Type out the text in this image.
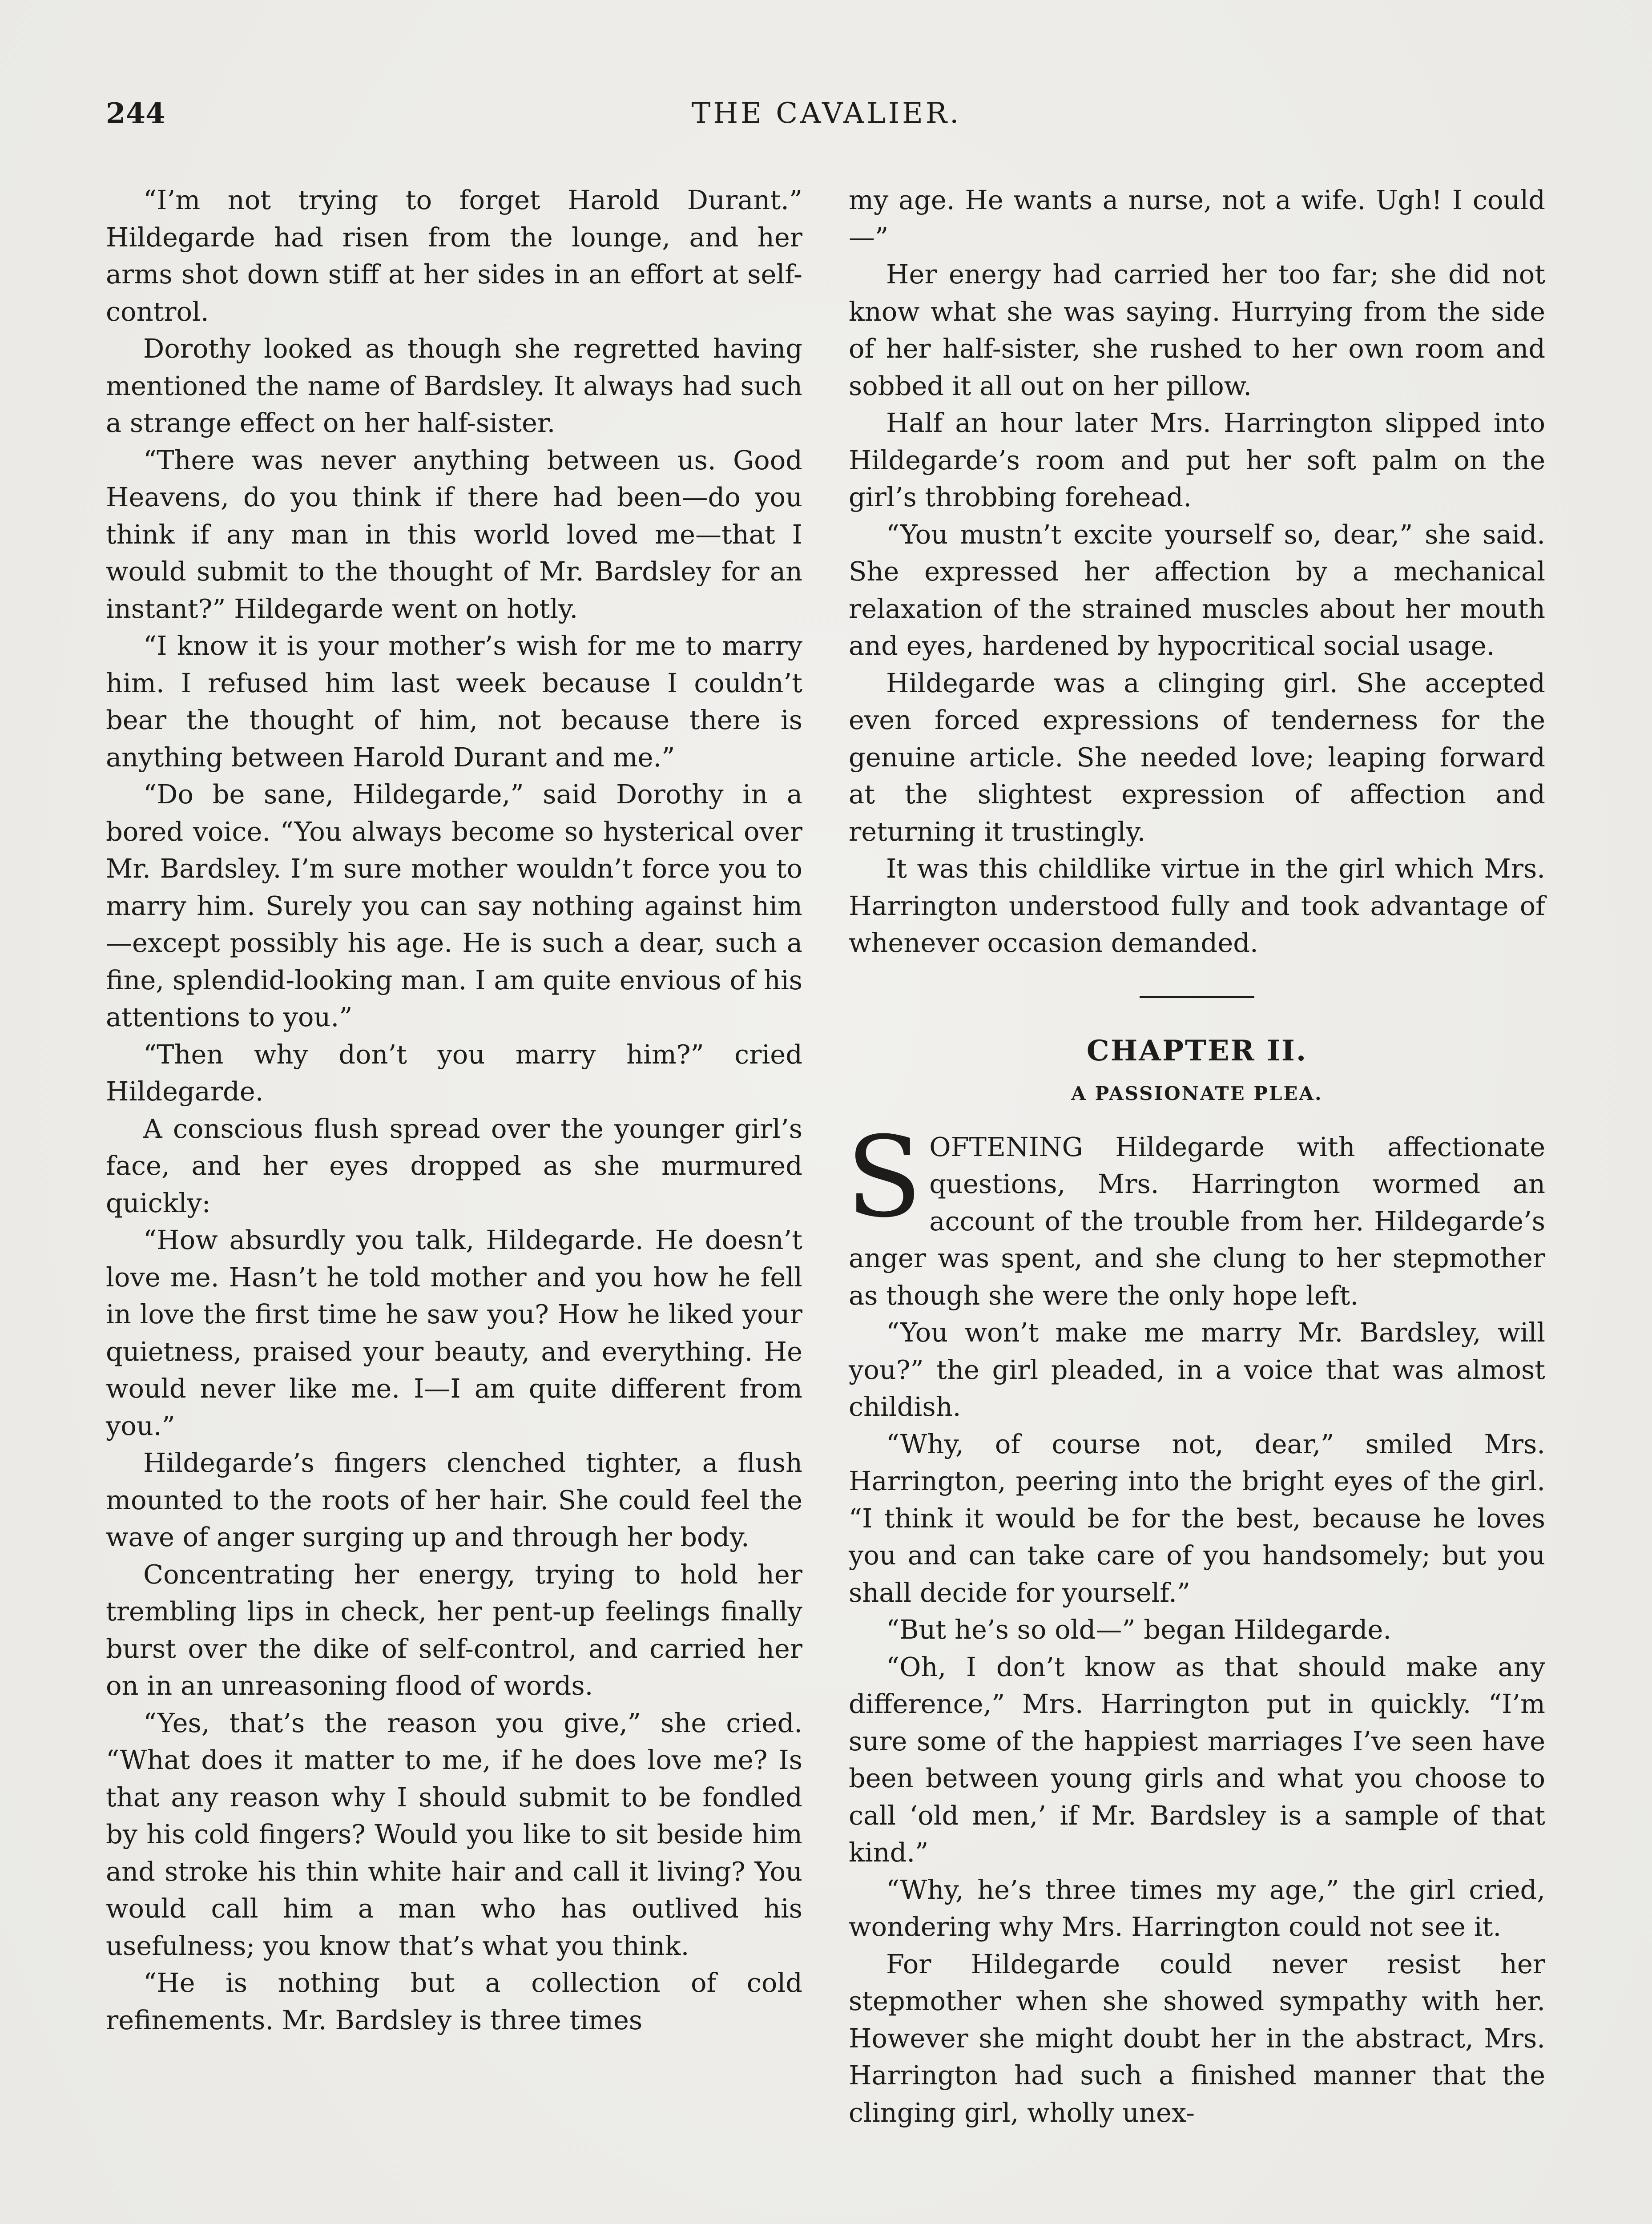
244	THE CAVALIER.

“I’m not trying to forget Harold Durant.” Hildegarde had risen from the lounge, and her arms shot down stiff at her sides in an effort at self-control.

Dorothy looked as though she regretted having mentioned the name of Bardsley. It always had such a strange effect on her half-sister.

“There was never anything between us. Good Heavens, do you think if there had been—do you think if any man in this world loved me—that I would submit to the thought of Mr. Bardsley for an instant?” Hildegarde went on hotly.

“I know it is your mother’s wish for me to marry him. I refused him last week because I couldn’t bear the thought of him, not because there is anything between Harold Durant and me.”

“Do be sane, Hildegarde,” said Dorothy in a bored voice. “You always become so hysterical over Mr. Bardsley. I’m sure mother wouldn’t force you to marry him. Surely you can say nothing against him—except possibly his age. He is such a dear, such a fine, splendid-looking man. I am quite envious of his attentions to you.”

“Then why don’t you marry him?” cried Hildegarde.

A conscious flush spread over the younger girl’s face, and her eyes dropped as she murmured quickly:

“How absurdly you talk, Hildegarde. He doesn’t love me. Hasn’t he told mother and you how he fell in love the first time he saw you? How he liked your quietness, praised your beauty, and everything. He would never like me. I—I am quite different from you.”

Hildegarde’s fingers clenched tighter, a flush mounted to the roots of her hair. She could feel the wave of anger surging up and through her body.

Concentrating her energy, trying to hold her trembling lips in check, her pent-up feelings finally burst over the dike of self-control, and carried her on in an unreasoning flood of words.

“Yes, that’s the reason you give,” she cried. “What does it matter to me, if he does love me? Is that any reason why I should submit to be fondled by his cold fingers? Would you like to sit beside him and stroke his thin white hair and call it living? You would call him a man who has outlived his usefulness; you know that’s what you think.

“He is nothing but a collection of cold refinements. Mr. Bardsley is three times

my age. He wants a nurse, not a wife. Ugh! I could—”

Her energy had carried her too far; she did not know what she was saying. Hurrying from the side of her half-sister, she rushed to her own room and sobbed it all out on her pillow.

Half an hour later Mrs. Harrington slipped into Hildegarde’s room and put her soft palm on the girl’s throbbing forehead.

“You mustn’t excite yourself so, dear,” she said. She expressed her affection by a mechanical relaxation of the strained muscles about her mouth and eyes, hardened by hypocritical social usage.

Hildegarde was a clinging girl. She accepted even forced expressions of tenderness for the genuine article. She needed love; leaping forward at the slightest expression of affection and returning it trustingly.

It was this childlike virtue in the girl which Mrs. Harrington understood fully and took advantage of whenever occasion demanded.

CHAPTER II.
A PASSIONATE PLEA.

SOFTENING Hildegarde with affectionate questions, Mrs. Harrington wormed an account of the trouble from her. Hildegarde’s anger was spent, and she clung to her stepmother as though she were the only hope left.

“You won’t make me marry Mr. Bardsley, will you?” the girl pleaded, in a voice that was almost childish.

“Why, of course not, dear,” smiled Mrs. Harrington, peering into the bright eyes of the girl. “I think it would be for the best, because he loves you and can take care of you handsomely; but you shall decide for yourself.”

“But he’s so old—” began Hildegarde.

“Oh, I don’t know as that should make any difference,” Mrs. Harrington put in quickly. “I’m sure some of the happiest marriages I’ve seen have been between young girls and what you choose to call ‘old men,’ if Mr. Bardsley is a sample of that kind.”

“Why, he’s three times my age,” the girl cried, wondering why Mrs. Harrington could not see it.

For Hildegarde could never resist her stepmother when she showed sympathy with her. However she might doubt her in the abstract, Mrs. Harrington had such a finished manner that the clinging girl, wholly unex-
